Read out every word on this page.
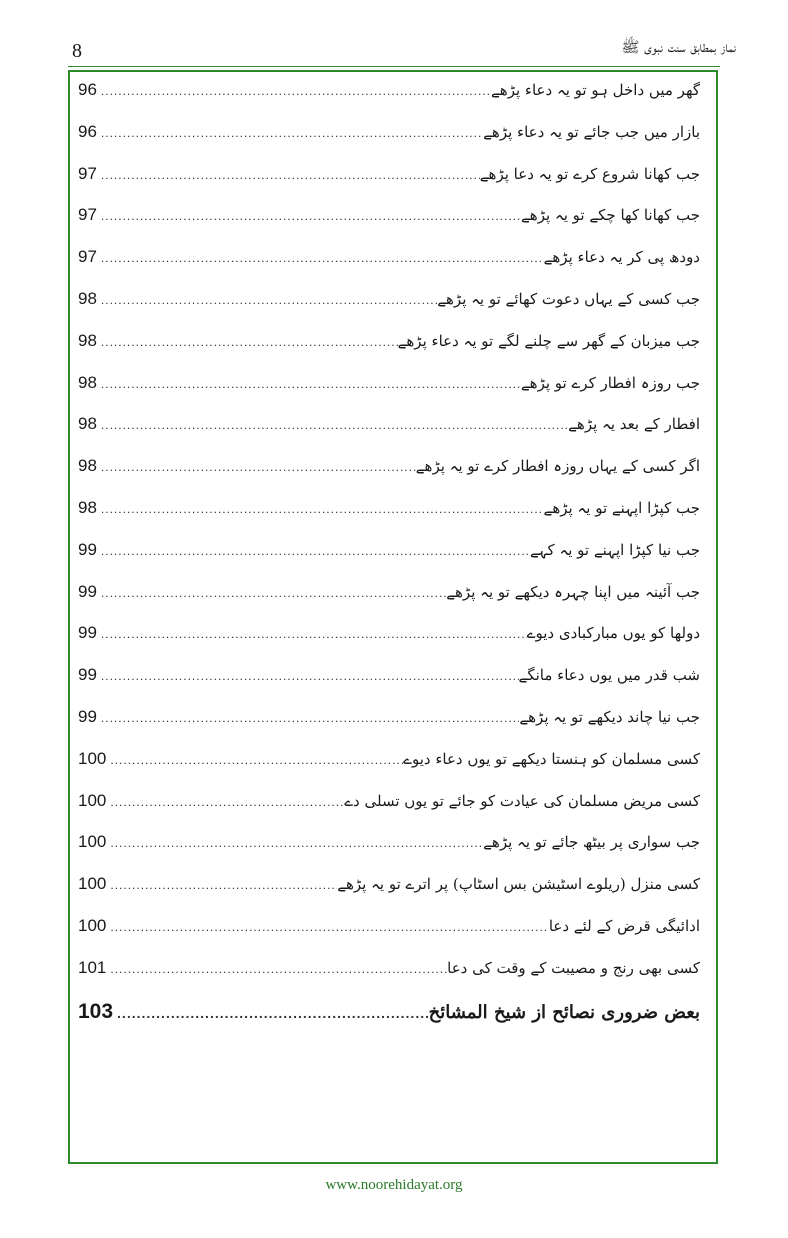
8	نماز بمطابق سنت نبوی ﷺ
96 .....	گھر میں داخل ہو تو یہ دعاء پڑھے
96 .....	بازار میں جب جائے تو یہ دعاء پڑھے
97 .....	جب کھانا شروع کرے تو یہ دعا پڑھے
97 .....	جب کھانا کھا چکے تو یہ پڑھے
97 .....	دودھ پی کر یہ دعاء پڑھے
98 .....	جب کسی کے یہاں دعوت کھائے تو یہ پڑھے
98 .....	جب میزبان کے گھر سے چلنے لگے تو یہ دعاء پڑھے
98 .....	جب روزہ افطار کرے تو پڑھے
98 .....	افطار کے بعد یہ پڑھے
98 .....	اگر کسی کے یہاں روزہ افطار کرے تو یہ پڑھے
98 .....	جب کپڑا اپہنے تو یہ پڑھے
99 .....	جب نیا کپڑا اپہنے تو یہ کہے
99 .....	جب آئینہ میں اپنا چہرہ دیکھے تو یہ پڑھے
99 .....	دولھا کو یوں مبارکبادی دیوے
99 .....	شب قدر میں یوں دعاء مانگے
99 .....	جب نیا چاند دیکھے تو یہ پڑھے
100 .....	کسی مسلمان کو ہنستا دیکھے تو یوں دعاء دیوے
100 .....	کسی مریض مسلمان کی عیادت کو جائے تو یوں تسلی دے
100 .....	جب سواری پر بیٹھ جائے تو یہ پڑھے
100 .....	کسی منزل (ریلوے اسٹیشن بس اسٹاپ) پر اترے تو یہ پڑھے
100 .....	ادائیگی قرض کے لئے دعا
101 .....	کسی بھی رنج و مصیبت کے وقت کی دعا
103 .....	بعض ضروری نصائح از شیخ المشائخ
www.noorehidayat.org
